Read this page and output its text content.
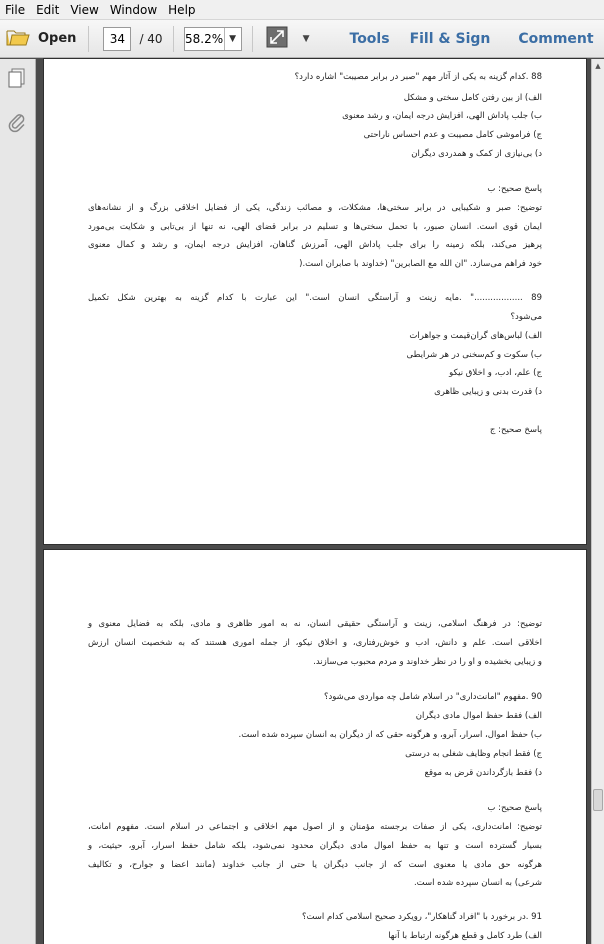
File Edit View Window Help
Open	34	/ 40 58.2% ▼	▼	Tools Fill & Sign Comment
▲
88 .کدام گزینه به یکی از آثار مهم "صبر در برابر مصیبت" اشاره دارد؟
الف) از بین رفتن کامل سختی و مشکل
ب) جلب پاداش الهی، افزایش درجه ایمان، و رشد معنوی
ج) فراموشی کامل مصیبت و عدم احساس ناراحتی
د) بی‌نیازی از کمک و همدردی دیگران
پاسخ صحیح: ب
توضیح: صبر و شکیبایی در برابر سختی‌ها، مشکلات، و مصائب زندگی، یکی از فضایل اخلاقی بزرگ و از نشانه‌های
ایمان قوی است. انسان صبور، با تحمل سختی‌ها و تسلیم در برابر قضای الهی، نه تنها از بی‌تابی و شکایت بی‌مورد
پرهیز می‌کند، بلکه زمینه را برای جلب پاداش الهی، آمرزش گناهان، افزایش درجه ایمان، و رشد و کمال معنوی
خود فراهم می‌سازد. "ان الله مع الصابرین" (خداوند با صابران است.(
89 .................." .مایه زینت و آراستگی انسان است." این عبارت با کدام گزینه به بهترین شکل تکمیل
می‌شود؟
الف) لباس‌های گران‌قیمت و جواهرات
ب) سکوت و کم‌سخنی در هر شرایطی
ج) علم، ادب، و اخلاق نیکو
د) قدرت بدنی و زیبایی ظاهری
پاسخ صحیح: ج
توضیح: در فرهنگ اسلامی، زینت و آراستگی حقیقی انسان، نه به امور ظاهری و مادی، بلکه به فضایل معنوی و
اخلاقی است. علم و دانش، ادب و خوش‌رفتاری، و اخلاق نیکو، از جمله اموری هستند که به شخصیت انسان ارزش
و زیبایی بخشیده و او را در نظر خداوند و مردم محبوب می‌سازند.
90 .مفهوم "امانت‌داری" در اسلام شامل چه مواردی می‌شود؟
الف) فقط حفظ اموال مادی دیگران
ب) حفظ اموال، اسرار، آبرو، و هرگونه حقی که از دیگران به انسان سپرده شده است.
ج) فقط انجام وظایف شغلی به درستی
د) فقط بازگرداندن قرض به موقع
پاسخ صحیح: ب
توضیح: امانت‌داری، یکی از صفات برجسته مؤمنان و از اصول مهم اخلاقی و اجتماعی در اسلام است. مفهوم امانت،
بسیار گسترده است و تنها به حفظ اموال مادی دیگران محدود نمی‌شود، بلکه شامل حفظ اسرار، آبرو، حیثیت، و
هرگونه حق مادی یا معنوی است که از جانب دیگران یا حتی از جانب خداوند (مانند اعضا و جوارح، و تکالیف
شرعی) به انسان سپرده شده است.
91 .در برخورد با "افراد گناهکار"، رویکرد صحیح اسلامی کدام است؟
الف) طرد کامل و قطع هرگونه ارتباط با آنها
